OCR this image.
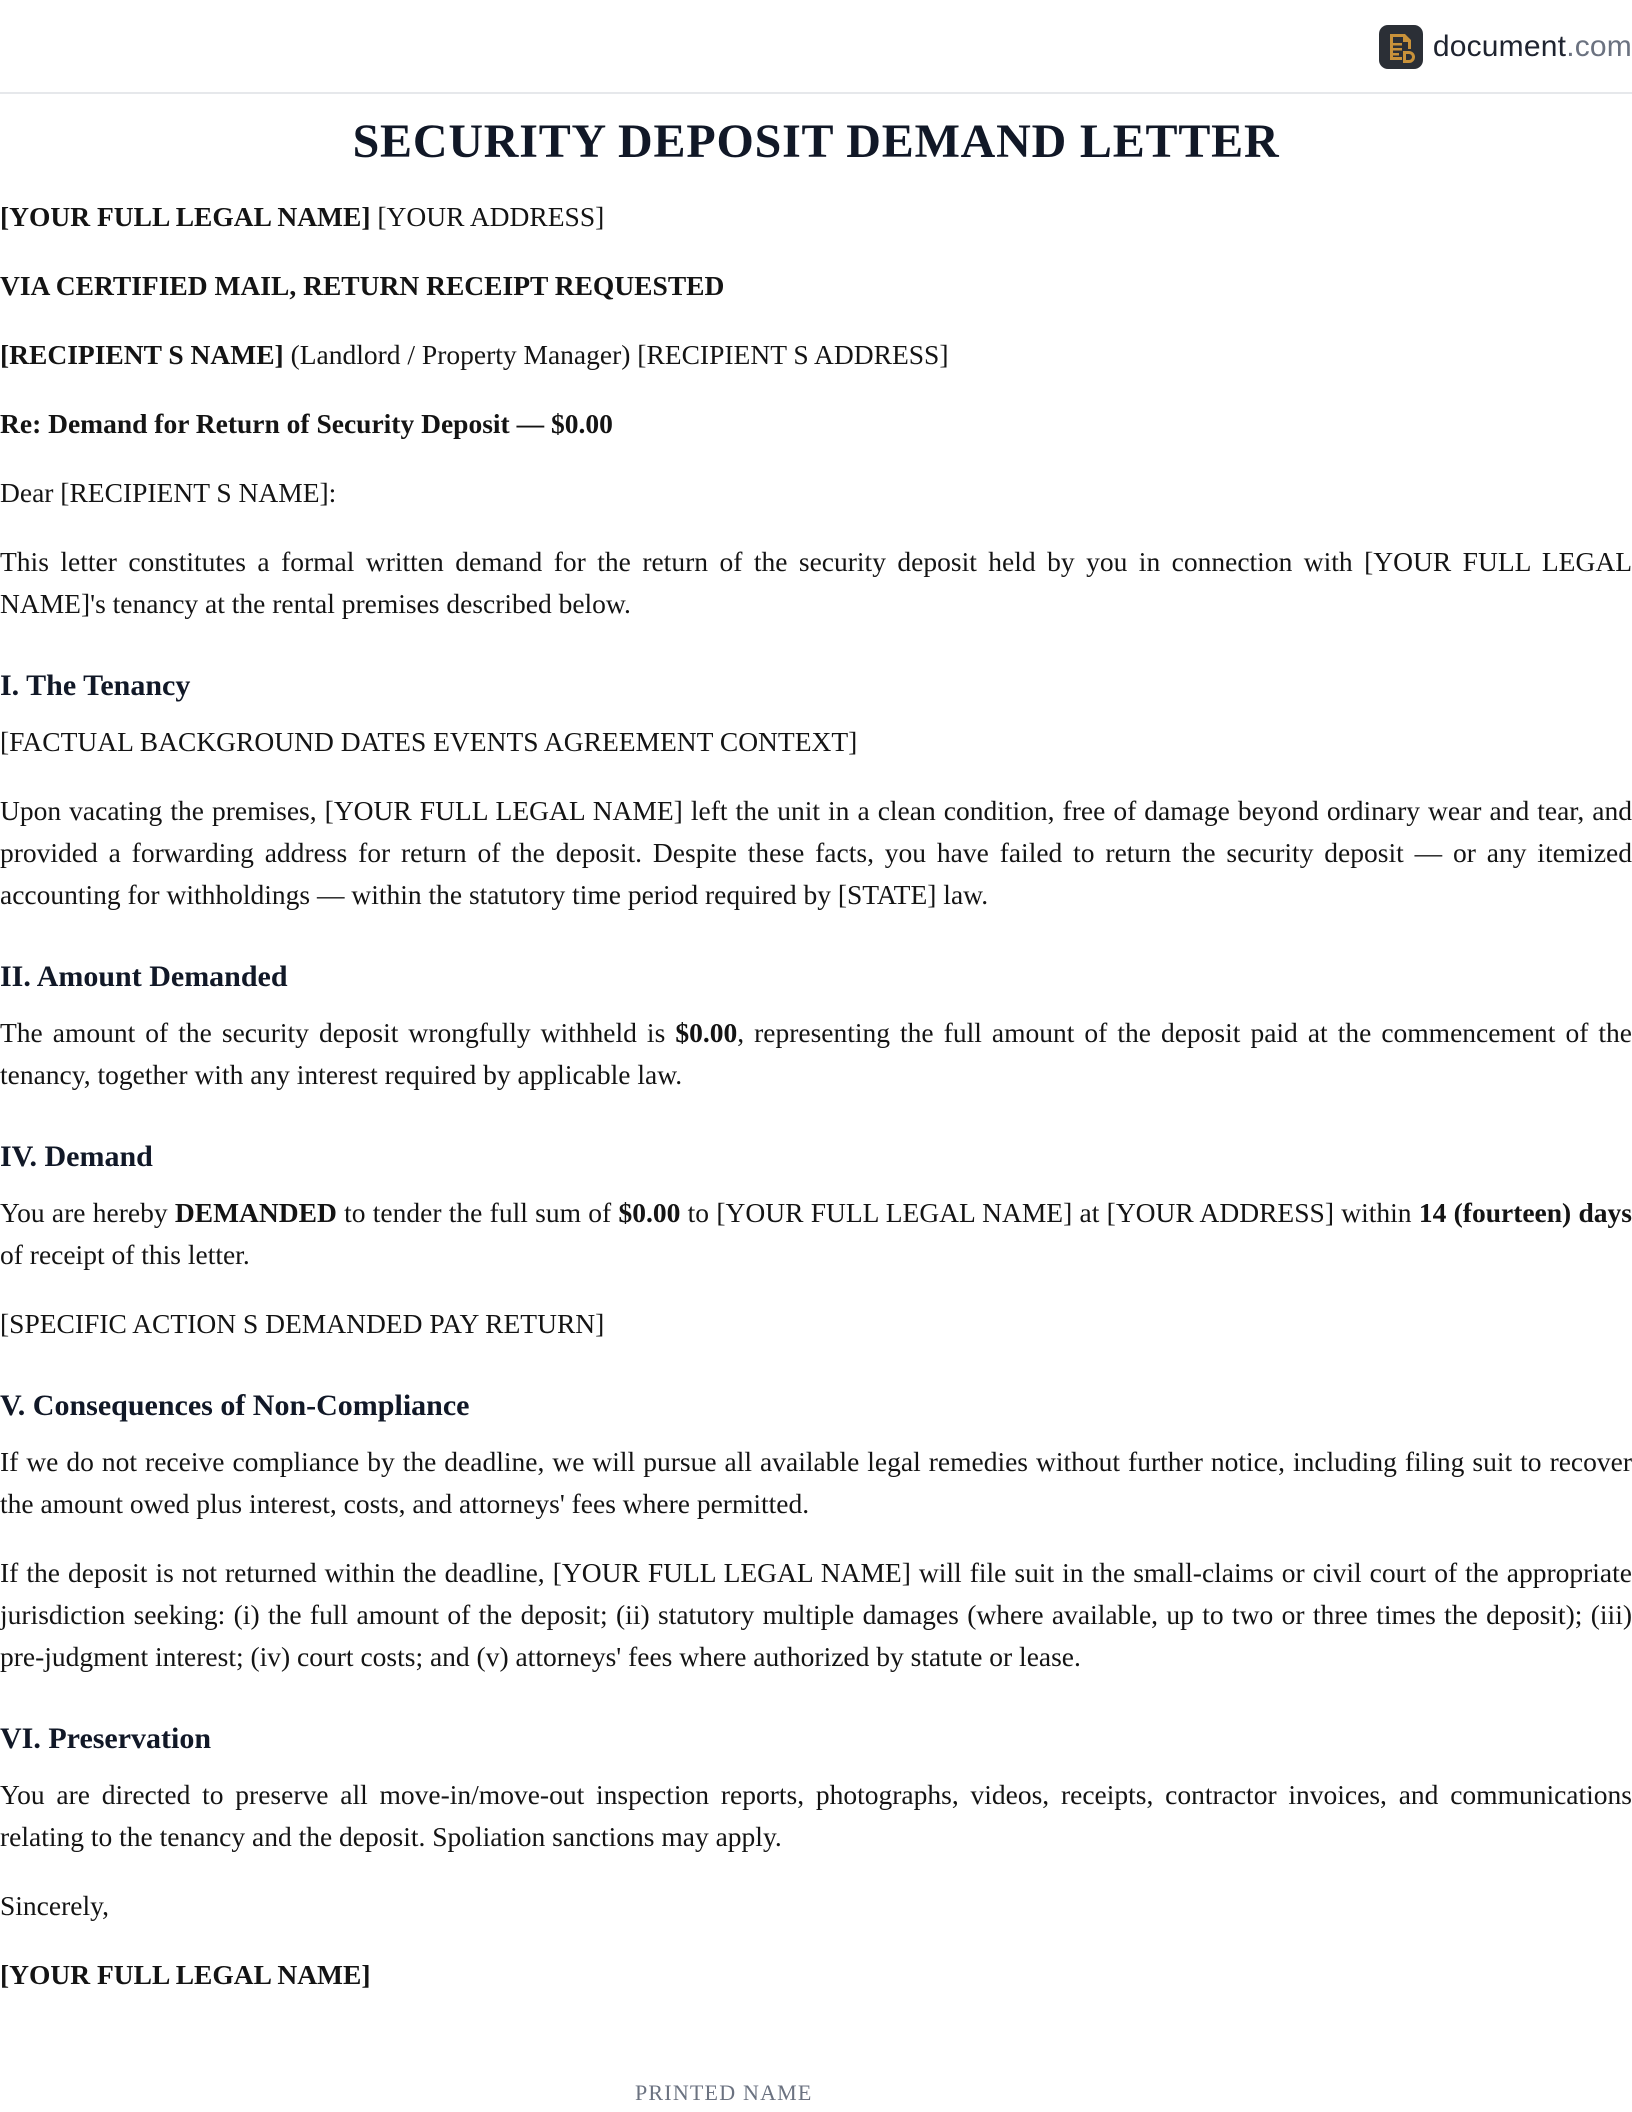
document.com
SECURITY DEPOSIT DEMAND LETTER

[YOUR FULL LEGAL NAME] [YOUR ADDRESS]

VIA CERTIFIED MAIL, RETURN RECEIPT REQUESTED

[RECIPIENT S NAME] (Landlord / Property Manager) [RECIPIENT S ADDRESS]

Re: Demand for Return of Security Deposit — $0.00

Dear [RECIPIENT S NAME]:

This letter constitutes a formal written demand for the return of the security deposit held by you in connection with [YOUR FULL LEGAL NAME]'s tenancy at the rental premises described below.

I. The Tenancy

[FACTUAL BACKGROUND DATES EVENTS AGREEMENT CONTEXT]

Upon vacating the premises, [YOUR FULL LEGAL NAME] left the unit in a clean condition, free of damage beyond ordinary wear and tear, and provided a forwarding address for return of the deposit. Despite these facts, you have failed to return the security deposit — or any itemized accounting for withholdings — within the statutory time period required by [STATE] law.

II. Amount Demanded

The amount of the security deposit wrongfully withheld is $0.00, representing the full amount of the deposit paid at the commencement of the tenancy, together with any interest required by applicable law.

IV. Demand

You are hereby DEMANDED to tender the full sum of $0.00 to [YOUR FULL LEGAL NAME] at [YOUR ADDRESS] within 14 (fourteen) days of receipt of this letter.

[SPECIFIC ACTION S DEMANDED PAY RETURN]

V. Consequences of Non-Compliance

If we do not receive compliance by the deadline, we will pursue all available legal remedies without further notice, including filing suit to recover the amount owed plus interest, costs, and attorneys' fees where permitted.

If the deposit is not returned within the deadline, [YOUR FULL LEGAL NAME] will file suit in the small-claims or civil court of the appropriate jurisdiction seeking: (i) the full amount of the deposit; (ii) statutory multiple damages (where available, up to two or three times the deposit); (iii) pre-judgment interest; (iv) court costs; and (v) attorneys' fees where authorized by statute or lease.

VI. Preservation

You are directed to preserve all move-in/move-out inspection reports, photographs, videos, receipts, contractor invoices, and communications relating to the tenancy and the deposit. Spoliation sanctions may apply.

Sincerely,

[YOUR FULL LEGAL NAME]

PRINTED NAME
